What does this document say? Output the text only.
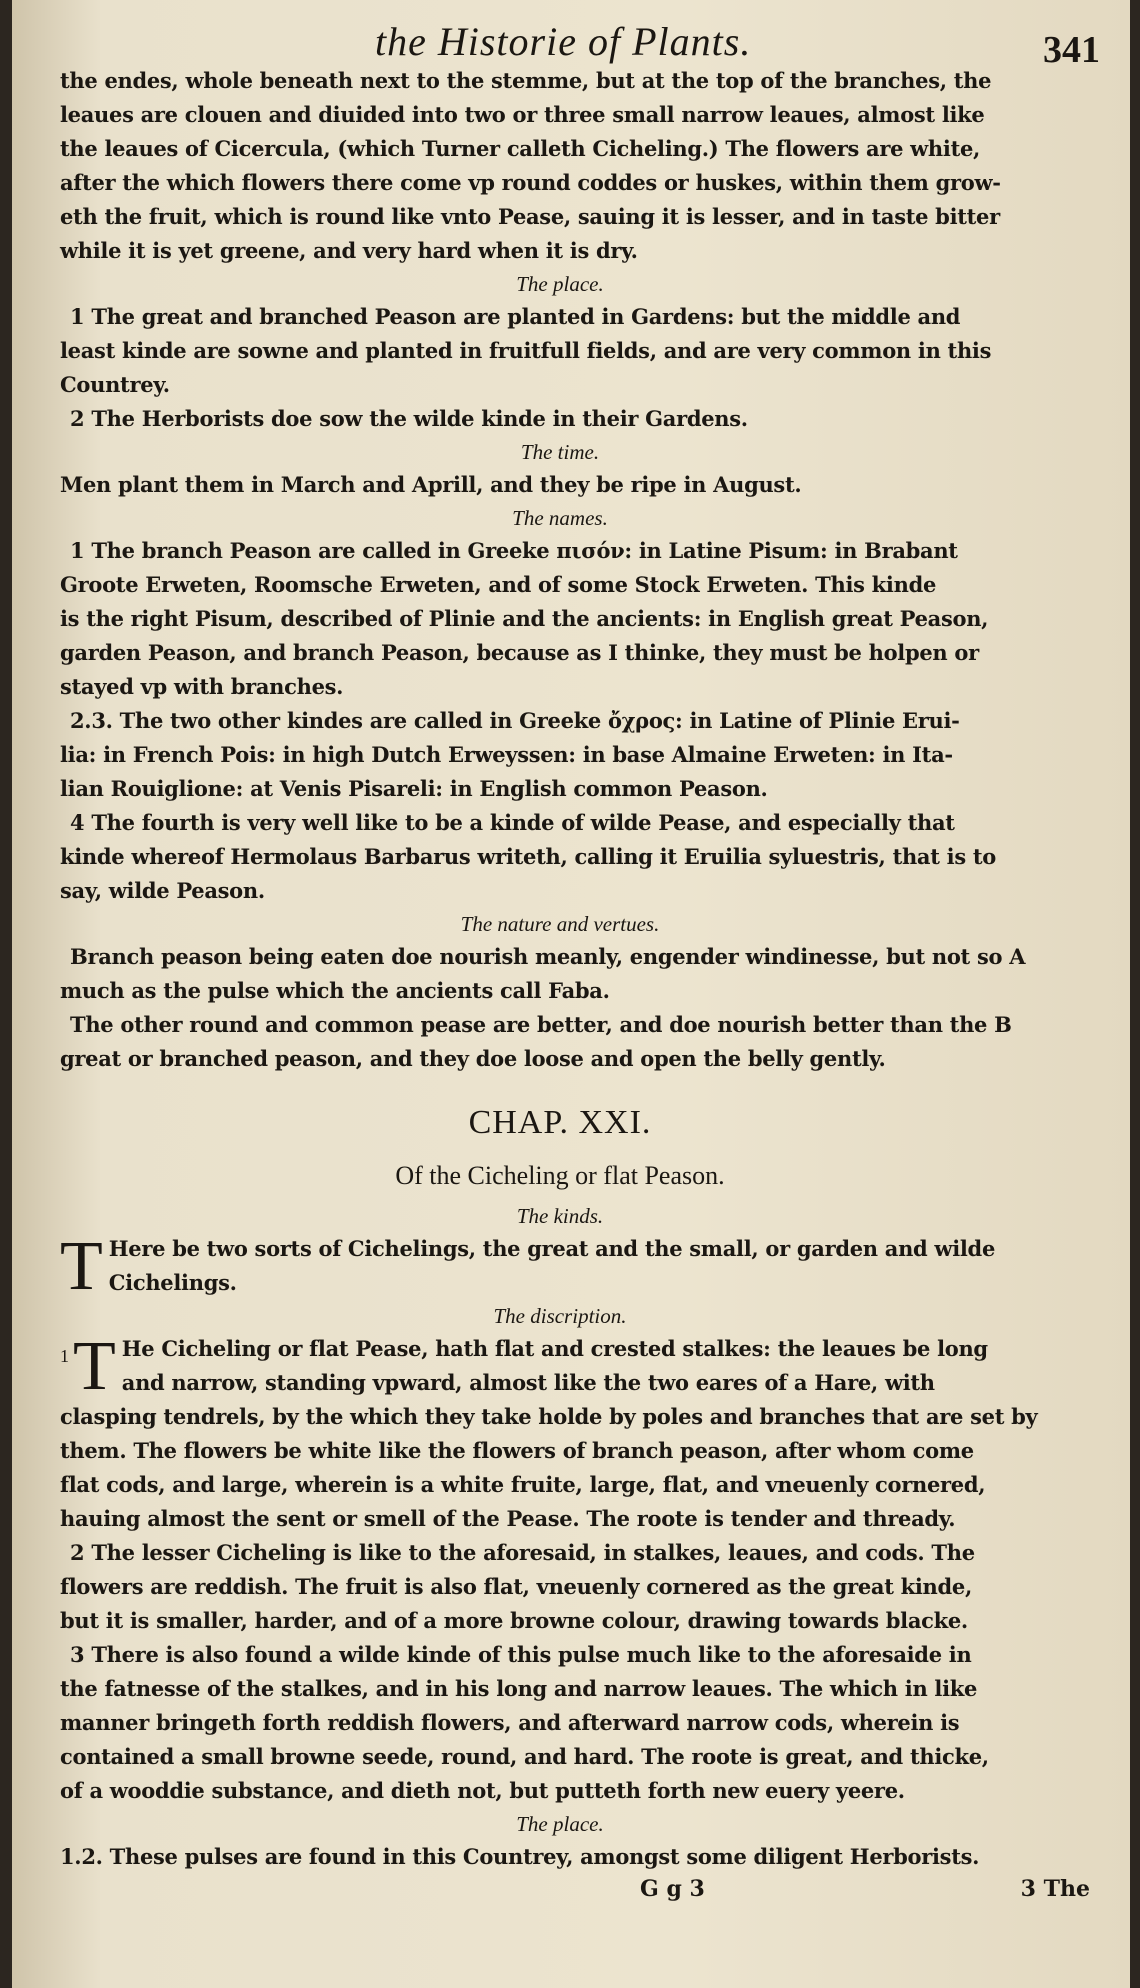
the Historie of Plants.	341
the endes, whole beneath next to the stemme, but at the top of the branches, the
leaues are clouen and diuided into two or three small narrow leaues, almost like
the leaues of Cicercula, (which Turner calleth Cicheling.) The flowers are white,
after the which flowers there come vp round coddes or huskes, within them grow-
eth the fruit, which is round like vnto Pease, sauing it is lesser, and in taste bitter
while it is yet greene, and very hard when it is dry.
The place.
1 The great and branched Peason are planted in Gardens: but the middle and
least kinde are sowne and planted in fruitfull fields, and are very common in this
Countrey.
2 The Herborists doe sow the wilde kinde in their Gardens.
The time.
Men plant them in March and Aprill, and they be ripe in August.
The names.
1 The branch Peason are called in Greeke πισόν: in Latine Pisum: in Brabant
Groote Erweten, Roomsche Erweten, and of some Stock Erweten. This kinde
is the right Pisum, described of Plinie and the ancients: in English great Peason,
garden Peason, and branch Peason, because as I thinke, they must be holpen or
stayed vp with branches.
2.3. The two other kindes are called in Greeke ὄχρος: in Latine of Plinie Erui-
lia: in French Pois: in high Dutch Erweyssen: in base Almaine Erweten: in Ita-
lian Rouiglione: at Venis Pisareli: in English common Peason.
4 The fourth is very well like to be a kinde of wilde Pease, and especially that
kinde whereof Hermolaus Barbarus writeth, calling it Eruilia syluestris, that is to
say, wilde Peason.
The nature and vertues.
Branch peason being eaten doe nourish meanly, engender windinesse, but not so A
much as the pulse which the ancients call Faba.
The other round and common pease are better, and doe nourish better than the B
great or branched peason, and they doe loose and open the belly gently.
CHAP. XXI.
Of the Cicheling or flat Peason.
The kinds.
T Here be two sorts of Cichelings, the great and the small, or garden and wilde
Cichelings.
The discription.
1 T He Cicheling or flat Pease, hath flat and crested stalkes: the leaues be long
and narrow, standing vpward, almost like the two eares of a Hare, with
clasping tendrels, by the which they take holde by poles and branches that are set by
them. The flowers be white like the flowers of branch peason, after whom come
flat cods, and large, wherein is a white fruite, large, flat, and vneuenly cornered,
hauing almost the sent or smell of the Pease. The roote is tender and thready.
2 The lesser Cicheling is like to the aforesaid, in stalkes, leaues, and cods. The
flowers are reddish. The fruit is also flat, vneuenly cornered as the great kinde,
but it is smaller, harder, and of a more browne colour, drawing towards blacke.
3 There is also found a wilde kinde of this pulse much like to the aforesaide in
the fatnesse of the stalkes, and in his long and narrow leaues. The which in like
manner bringeth forth reddish flowers, and afterward narrow cods, wherein is
contained a small browne seede, round, and hard. The roote is great, and thicke,
of a wooddie substance, and dieth not, but putteth forth new euery yeere.
The place.
1.2. These pulses are found in this Countrey, amongst some diligent Herborists.
G g 3	3 The
